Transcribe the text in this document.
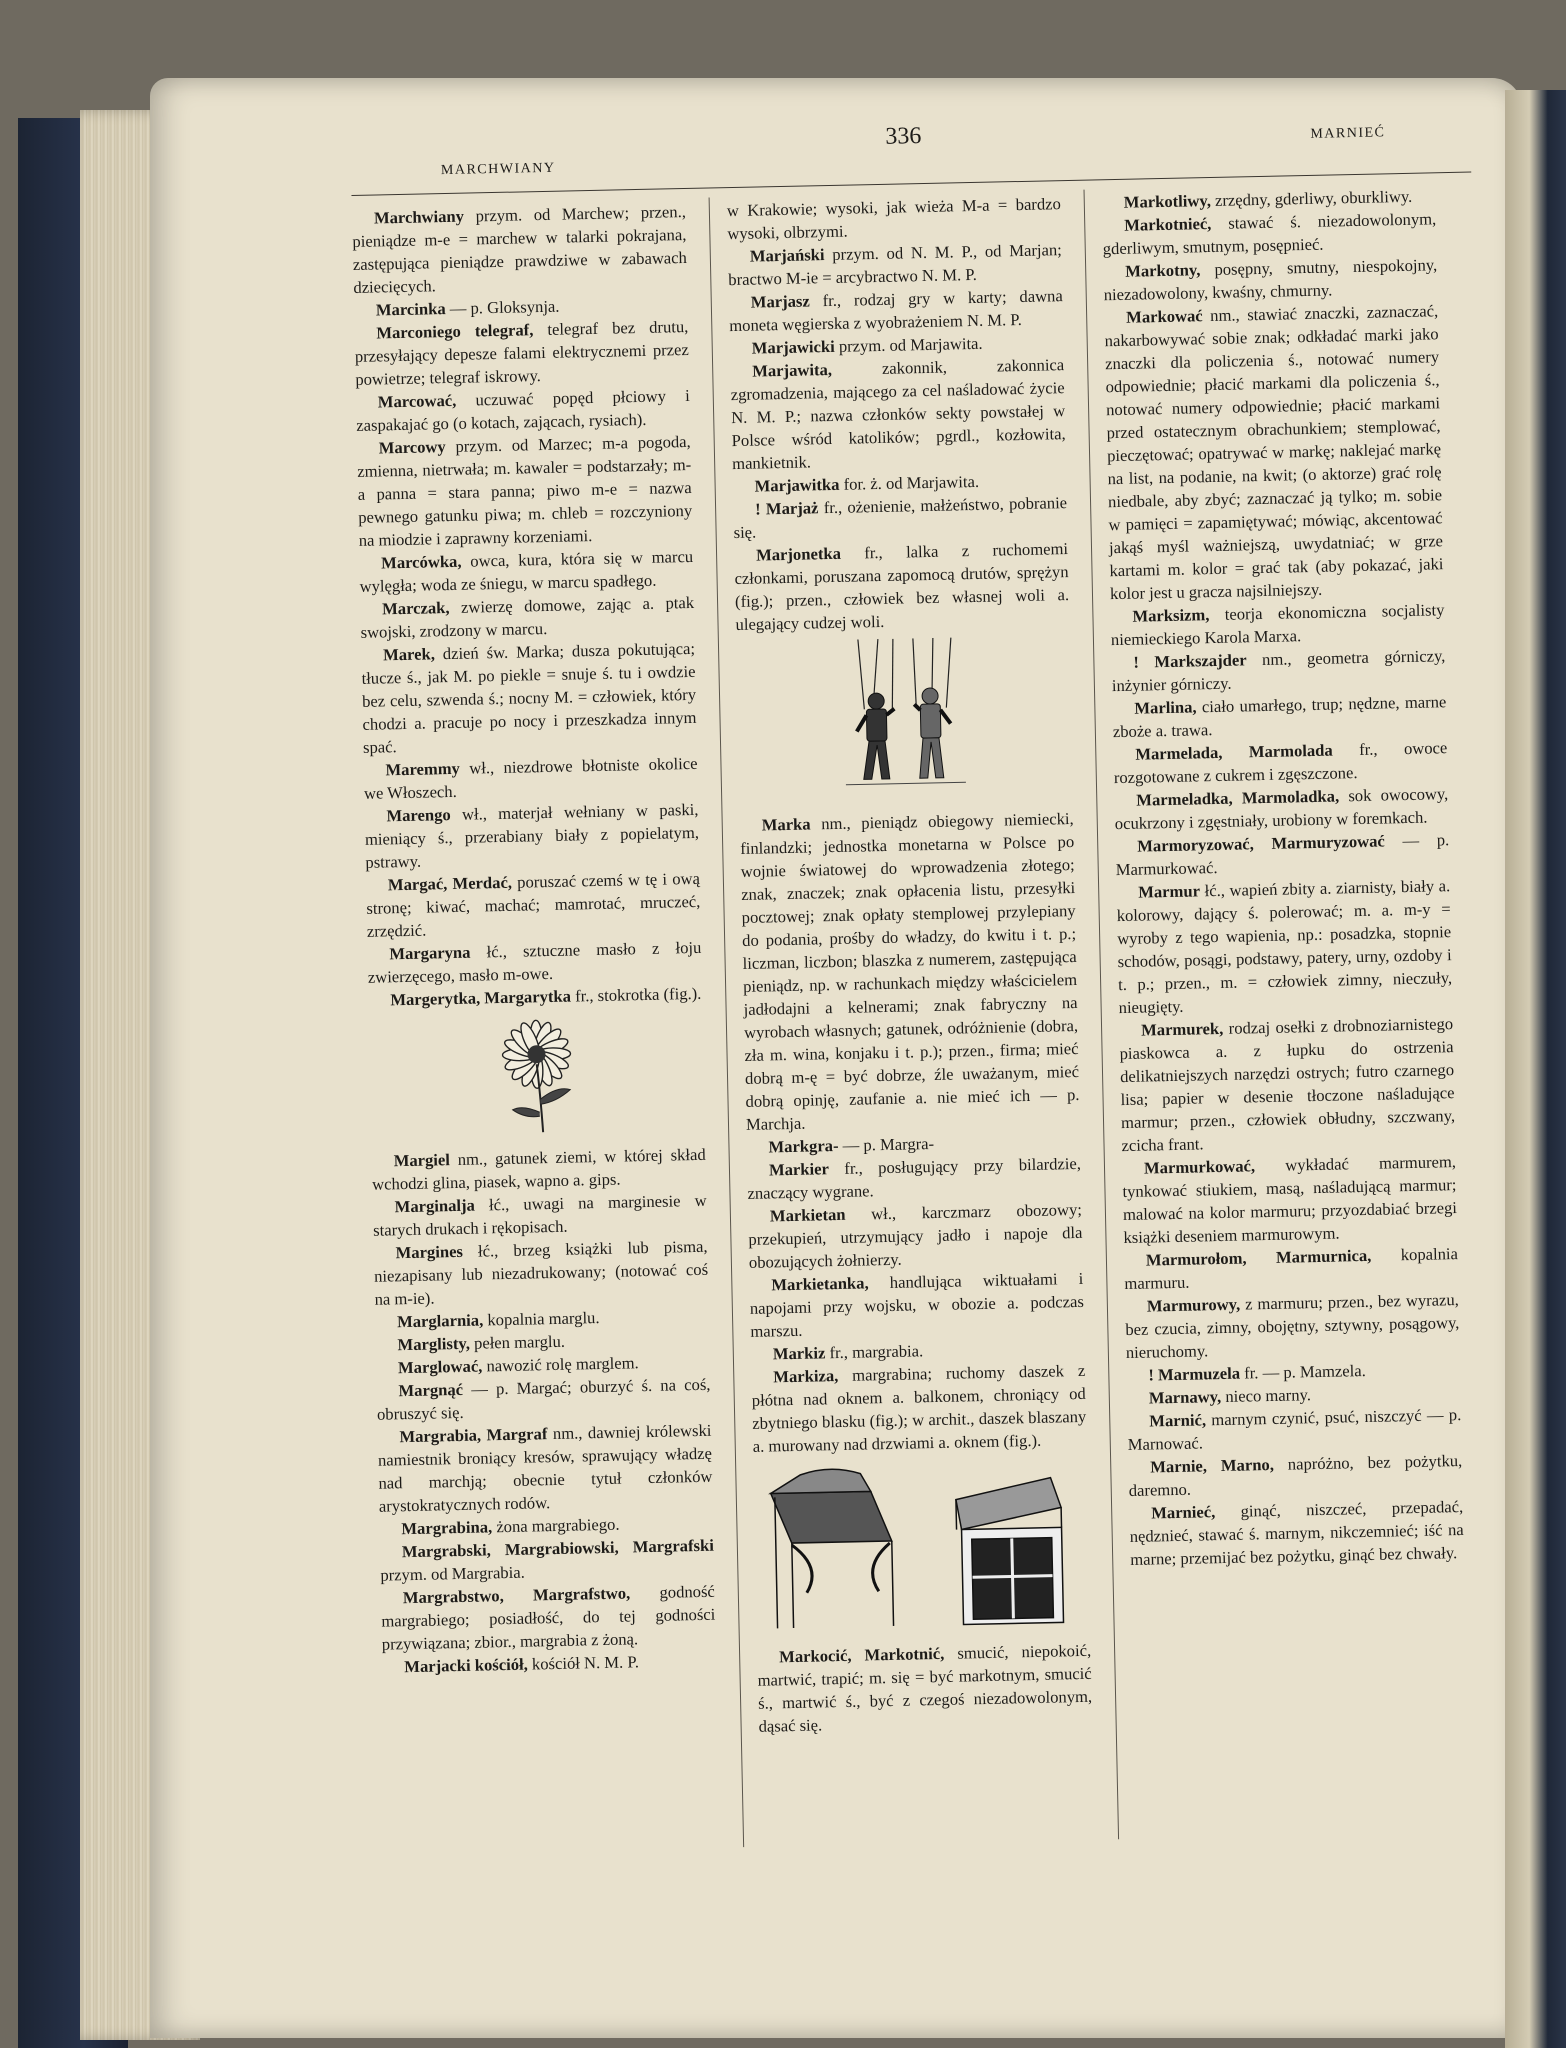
MARCHWIANY
336	MARNIEĆ

Marchwiany przym. od Marchew; przen., pieniądze m-e = marchew w talarki pokrajana, zastępująca pieniądze prawdziwe w zabawach dziecięcych.

Marcinka — p. Gloksynja.

Marconiego telegraf, telegraf bez drutu, przesyłający depesze falami elektrycznemi przez powietrze; telegraf iskrowy.

Marcować, uczuwać popęd płciowy i zaspakajać go (o kotach, zającach, rysiach).

Marcowy przym. od Marzec; m-a pogoda, zmienna, nietrwała; m. kawaler = podstarzały; m-a panna = stara panna; piwo m-e = nazwa pewnego gatunku piwa; m. chleb = rozczyniony na miodzie i zaprawny korzeniami.

Marcówka, owca, kura, która się w marcu wylęgła; woda ze śniegu, w marcu spadłego.

Marczak, zwierzę domowe, zając a. ptak swojski, zrodzony w marcu.

Marek, dzień św. Marka; dusza pokutująca; tłucze ś., jak M. po piekle = snuje ś. tu i owdzie bez celu, szwenda ś.; nocny M. = człowiek, który chodzi a. pracuje po nocy i przeszkadza innym spać.

Maremmy wł., niezdrowe błotniste okolice we Włoszech.

Marengo wł., materjał wełniany w paski, mieniący ś., przerabiany biały z popielatym, pstrawy.

Margać, Merdać, poruszać czemś w tę i ową stronę; kiwać, machać; mamrotać, mruczeć, zrzędzić.

Margaryna łć., sztuczne masło z łoju zwierzęcego, masło m-owe.

Margerytka, Margarytka fr., stokrotka (fig.).

Margiel nm., gatunek ziemi, w której skład wchodzi glina, piasek, wapno a. gips.

Marginalja łć., uwagi na marginesie w starych drukach i rękopisach.

Margines łć., brzeg książki lub pisma, niezapisany lub niezadrukowany; (notować coś na m-ie).

Marglarnia, kopalnia marglu.

Marglisty, pełen marglu.

Marglować, nawozić rolę marglem.

Margnąć — p. Margać; oburzyć ś. na coś, obruszyć się.

Margrabia, Margraf nm., dawniej królewski namiestnik broniący kresów, sprawujący władzę nad marchją; obecnie tytuł członków arystokratycznych rodów.

Margrabina, żona margrabiego.

Margrabski, Margrabiowski, Margrafski przym. od Margrabia.

Margrabstwo, Margrafstwo, godność margrabiego; posiadłość, do tej godności przywiązana; zbior., margrabia z żoną.

Marjacki kościół, kościół N. M. P.

w Krakowie; wysoki, jak wieża M-a = bardzo wysoki, olbrzymi.

Marjański przym. od N. M. P., od Marjan; bractwo M-ie = arcybractwo N. M. P.

Marjasz fr., rodzaj gry w karty; dawna moneta węgierska z wyobrażeniem N. M. P.

Marjawicki przym. od Marjawita.

Marjawita, zakonnik, zakonnica zgromadzenia, mającego za cel naśladować życie N. M. P.; nazwa członków sekty powstałej w Polsce wśród katolików; pgrdl., kozłowita, mankietnik.

Marjawitka for. ż. od Marjawita.

! Marjaż fr., ożenienie, małżeństwo, pobranie się.

Marjonetka fr., lalka z ruchomemi członkami, poruszana zapomocą drutów, sprężyn (fig.); przen., człowiek bez własnej woli a. ulegający cudzej woli.

Marka nm., pieniądz obiegowy niemiecki, finlandzki; jednostka monetarna w Polsce po wojnie światowej do wprowadzenia złotego; znak, znaczek; znak opłacenia listu, przesyłki pocztowej; znak opłaty stemplowej przylepiany do podania, prośby do władzy, do kwitu i t. p.; liczman, liczbon; blaszka z numerem, zastępująca pieniądz, np. w rachunkach między właścicielem jadłodajni a kelnerami; znak fabryczny na wyrobach własnych; gatunek, odróżnienie (dobra, zła m. wina, konjaku i t. p.); przen., firma; mieć dobrą m-ę = być dobrze, źle uważanym, mieć dobrą opinję, zaufanie a. nie mieć ich — p. Marchja.

Markgra- — p. Margra-

Markier fr., posługujący przy bilardzie, znaczący wygrane.

Markietan wł., karczmarz obozowy; przekupień, utrzymujący jadło i napoje dla obozujących żołnierzy.

Markietanka, handlująca wiktuałami i napojami przy wojsku, w obozie a. podczas marszu.

Markiz fr., margrabia.

Markiza, margrabina; ruchomy daszek z płótna nad oknem a. balkonem, chroniący od zbytniego blasku (fig.); w archit., daszek blaszany a. murowany nad drzwiami a. oknem (fig.).

Markocić, Markotnić, smucić, niepokoić, martwić, trapić; m. się = być markotnym, smucić ś., martwić ś., być z czegoś niezadowolonym, dąsać się.

Markotliwy, zrzędny, gderliwy, oburkliwy.

Markotnieć, stawać ś. niezadowolonym, gderliwym, smutnym, posępnieć.

Markotny, posępny, smutny, niespokojny, niezadowolony, kwaśny, chmurny.

Markować nm., stawiać znaczki, zaznaczać, nakarbowywać sobie znak; odkładać marki jako znaczki dla policzenia ś., notować numery odpowiednie; płacić markami dla policzenia ś., notować numery odpowiednie; płacić markami przed ostatecznym obrachunkiem; stemplować, pieczętować; opatrywać w markę; naklejać markę na list, na podanie, na kwit; (o aktorze) grać rolę niedbale, aby zbyć; zaznaczać ją tylko; m. sobie w pamięci = zapamiętywać; mówiąc, akcentować jakąś myśl ważniejszą, uwydatniać; w grze kartami m. kolor = grać tak (aby pokazać, jaki kolor jest u gracza najsilniejszy.

Marksizm, teorja ekonomiczna socjalisty niemieckiego Karola Marxa.

! Markszajder nm., geometra górniczy, inżynier górniczy.

Marlina, ciało umarłego, trup; nędzne, marne zboże a. trawa.

Marmelada, Marmolada fr., owoce rozgotowane z cukrem i zgęszczone.

Marmeladka, Marmoladka, sok owocowy, ocukrzony i zgęstniały, urobiony w foremkach.

Marmoryzować, Marmuryzować — p. Marmurkować.

Marmur łć., wapień zbity a. ziarnisty, biały a. kolorowy, dający ś. polerować; m. a. m-y = wyroby z tego wapienia, np.: posadzka, stopnie schodów, posągi, podstawy, patery, urny, ozdoby i t. p.; przen., m. = człowiek zimny, nieczuły, nieugięty.

Marmurek, rodzaj osełki z drobnoziarnistego piaskowca a. z łupku do ostrzenia delikatniejszych narzędzi ostrych; futro czarnego lisa; papier w desenie tłoczone naśladujące marmur; przen., człowiek obłudny, szczwany, zcicha frant.

Marmurkować, wykładać marmurem, tynkować stiukiem, masą, naśladującą marmur; malować na kolor marmuru; przyozdabiać brzegi książki deseniem marmurowym.

Marmurołom, Marmurnica, kopalnia marmuru.

Marmurowy, z marmuru; przen., bez wyrazu, bez czucia, zimny, obojętny, sztywny, posągowy, nieruchomy.

! Marmuzela fr. — p. Mamzela.

Marnawy, nieco marny.

Marnić, marnym czynić, psuć, niszczyć — p. Marnować.

Marnie, Marno, napróżno, bez pożytku, daremno.

Marnieć, ginąć, niszczeć, przepadać, nędznieć, stawać ś. marnym, nikczemnieć; iść na marne; przemijać bez pożytku, ginąć bez chwały.
